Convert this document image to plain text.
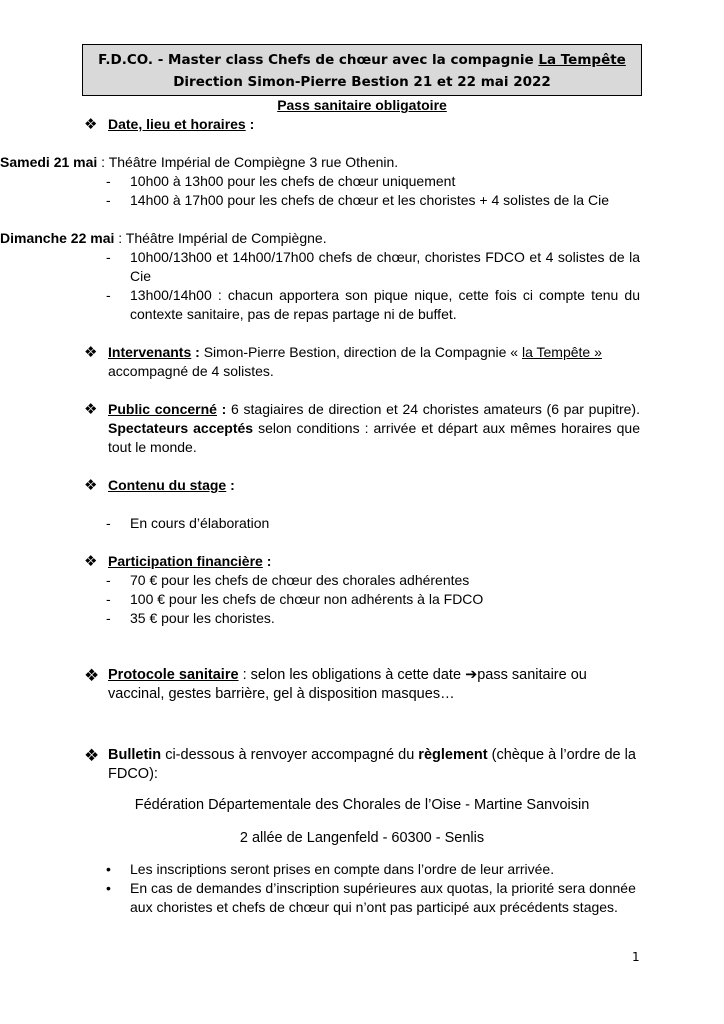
F.D.CO. - Master class Chefs de chœur avec la compagnie La Tempête
Direction Simon-Pierre Bestion 21 et 22 mai 2022
Pass sanitaire obligatoire
❖ Date, lieu et horaires :

Samedi 21 mai : Théâtre Impérial de Compiègne 3 rue Othenin.

-	10h00 à 13h00 pour les chefs de chœur uniquement
-	14h00 à 17h00 pour les chefs de chœur et les choristes + 4 solistes de la Cie

Dimanche 22 mai : Théâtre Impérial de Compiègne.

-	10h00/13h00 et 14h00/17h00 chefs de chœur, choristes FDCO et 4 solistes de la Cie
-	13h00/14h00 : chacun apportera son pique nique, cette fois ci compte tenu du contexte sanitaire, pas de repas partage ni de buffet.

❖ Intervenants : Simon-Pierre Bestion, direction de la Compagnie « la Tempête »
accompagné de 4 solistes.

❖ Public concerné : 6 stagiaires de direction et 24 choristes amateurs (6 par pupitre). Spectateurs acceptés selon conditions : arrivée et départ aux mêmes horaires que tout le monde.

❖ Contenu du stage :

-	En cours d’élaboration

❖ Participation financière :

-	70 € pour les chefs de chœur des chorales adhérentes
-	100 € pour les chefs de chœur non adhérents à la FDCO
-	35 € pour les choristes.

❖ Protocole sanitaire : selon les obligations à cette date ➔pass sanitaire ou vaccinal, gestes barrière, gel à disposition masques…

❖ Bulletin ci-dessous à renvoyer accompagné du règlement (chèque à l’ordre de la FDCO):

Fédération Départementale des Chorales de l’Oise - Martine Sanvoisin

2 allée de Langenfeld - 60300 - Senlis

•	Les inscriptions seront prises en compte dans l’ordre de leur arrivée.
•	En cas de demandes d’inscription supérieures aux quotas, la priorité sera donnée aux choristes et chefs de chœur qui n’ont pas participé aux précédents stages.
1
